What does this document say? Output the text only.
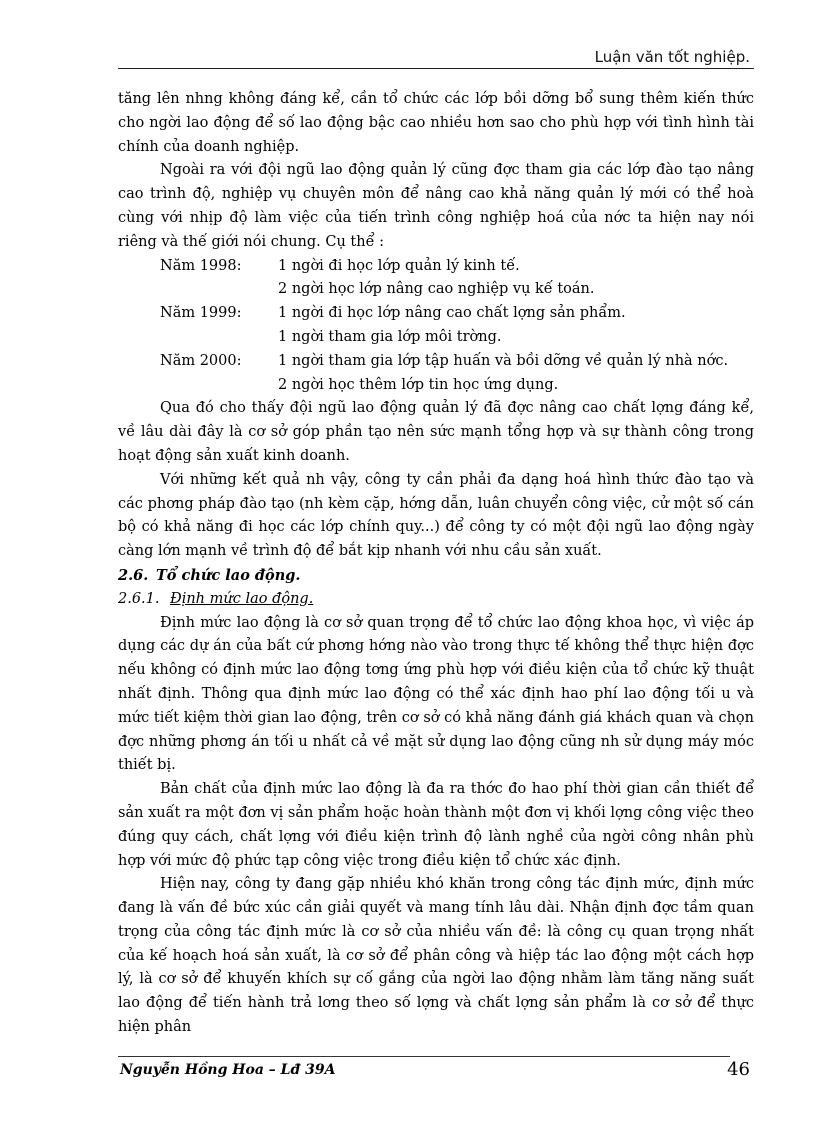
Luận văn tốt nghiệp.

tăng lên nhng không đáng kể, cần tổ chức các lớp bồi dỡng bổ sung thêm kiến thức cho ngời lao động để số lao động bậc cao nhiều hơn sao cho phù hợp với tình hình tài chính của doanh nghiệp.

Ngoài ra với đội ngũ lao động quản lý cũng đợc tham gia các lớp đào tạo nâng cao trình độ, nghiệp vụ chuyên môn để nâng cao khả năng quản lý mới có thể hoà cùng với nhịp độ làm việc của tiến trình công nghiệp hoá của nớc ta hiện nay nói riêng và thế giới nói chung. Cụ thể :

Năm 1998:	1 ngời đi học lớp quản lý kinh tế.
2 ngời học lớp nâng cao nghiệp vụ kế toán.
Năm 1999:	1 ngời đi học lớp nâng cao chất lợng sản phẩm.
1 ngời tham gia lớp môi trờng.
Năm 2000:	1 ngời tham gia lớp tập huấn và bồi dỡng về quản lý nhà nớc.
2 ngời học thêm lớp tin học ứng dụng.

Qua đó cho thấy đội ngũ lao động quản lý đã đợc nâng cao chất lợng đáng kể, về lâu dài đây là cơ sở góp phần tạo nên sức mạnh tổng hợp và sự thành công trong hoạt động sản xuất kinh doanh.

Với những kết quả nh vậy, công ty cần phải đa dạng hoá hình thức đào tạo và các phơng pháp đào tạo (nh kèm cặp, hớng dẫn, luân chuyển công việc, cử một số cán bộ có khả năng đi học các lớp chính quy...) để công ty có một đội ngũ lao động ngày càng lớn mạnh về trình độ để bắt kịp nhanh với nhu cầu sản xuất.

2.6. Tổ chức lao động.
2.6.1. Định mức lao động.

Định mức lao động là cơ sở quan trọng để tổ chức lao động khoa học, vì việc áp dụng các dự án của bất cứ phơng hớng nào vào trong thực tế không thể thực hiện đợc nếu không có định mức lao động tơng ứng phù hợp với điều kiện của tổ chức kỹ thuật nhất định. Thông qua định mức lao động có thể xác định hao phí lao động tối u và mức tiết kiệm thời gian lao động, trên cơ sở có khả năng đánh giá khách quan và chọn đợc những phơng án tối u nhất cả về mặt sử dụng lao động cũng nh sử dụng máy móc thiết bị.

Bản chất của định mức lao động là đa ra thớc đo hao phí thời gian cần thiết để sản xuất ra một đơn vị sản phẩm hoặc hoàn thành một đơn vị khối lợng công việc theo đúng quy cách, chất lợng với điều kiện trình độ lành nghề của ngời công nhân phù hợp với mức độ phức tạp công việc trong điều kiện tổ chức xác định.

Hiện nay, công ty đang gặp nhiều khó khăn trong công tác định mức, định mức đang là vấn đề bức xúc cần giải quyết và mang tính lâu dài. Nhận định đợc tầm quan trọng của công tác định mức là cơ sở của nhiều vấn đề: là công cụ quan trọng nhất của kế hoạch hoá sản xuất, là cơ sở để phân công và hiệp tác lao động một cách hợp lý, là cơ sở để khuyến khích sự cố gắng của ngời lao động nhằm làm tăng năng suất lao động để tiến hành trả lơng theo số lợng và chất lợng sản phẩm là cơ sở để thực hiện phân

Nguyễn Hồng Hoa – Lđ 39A	46
